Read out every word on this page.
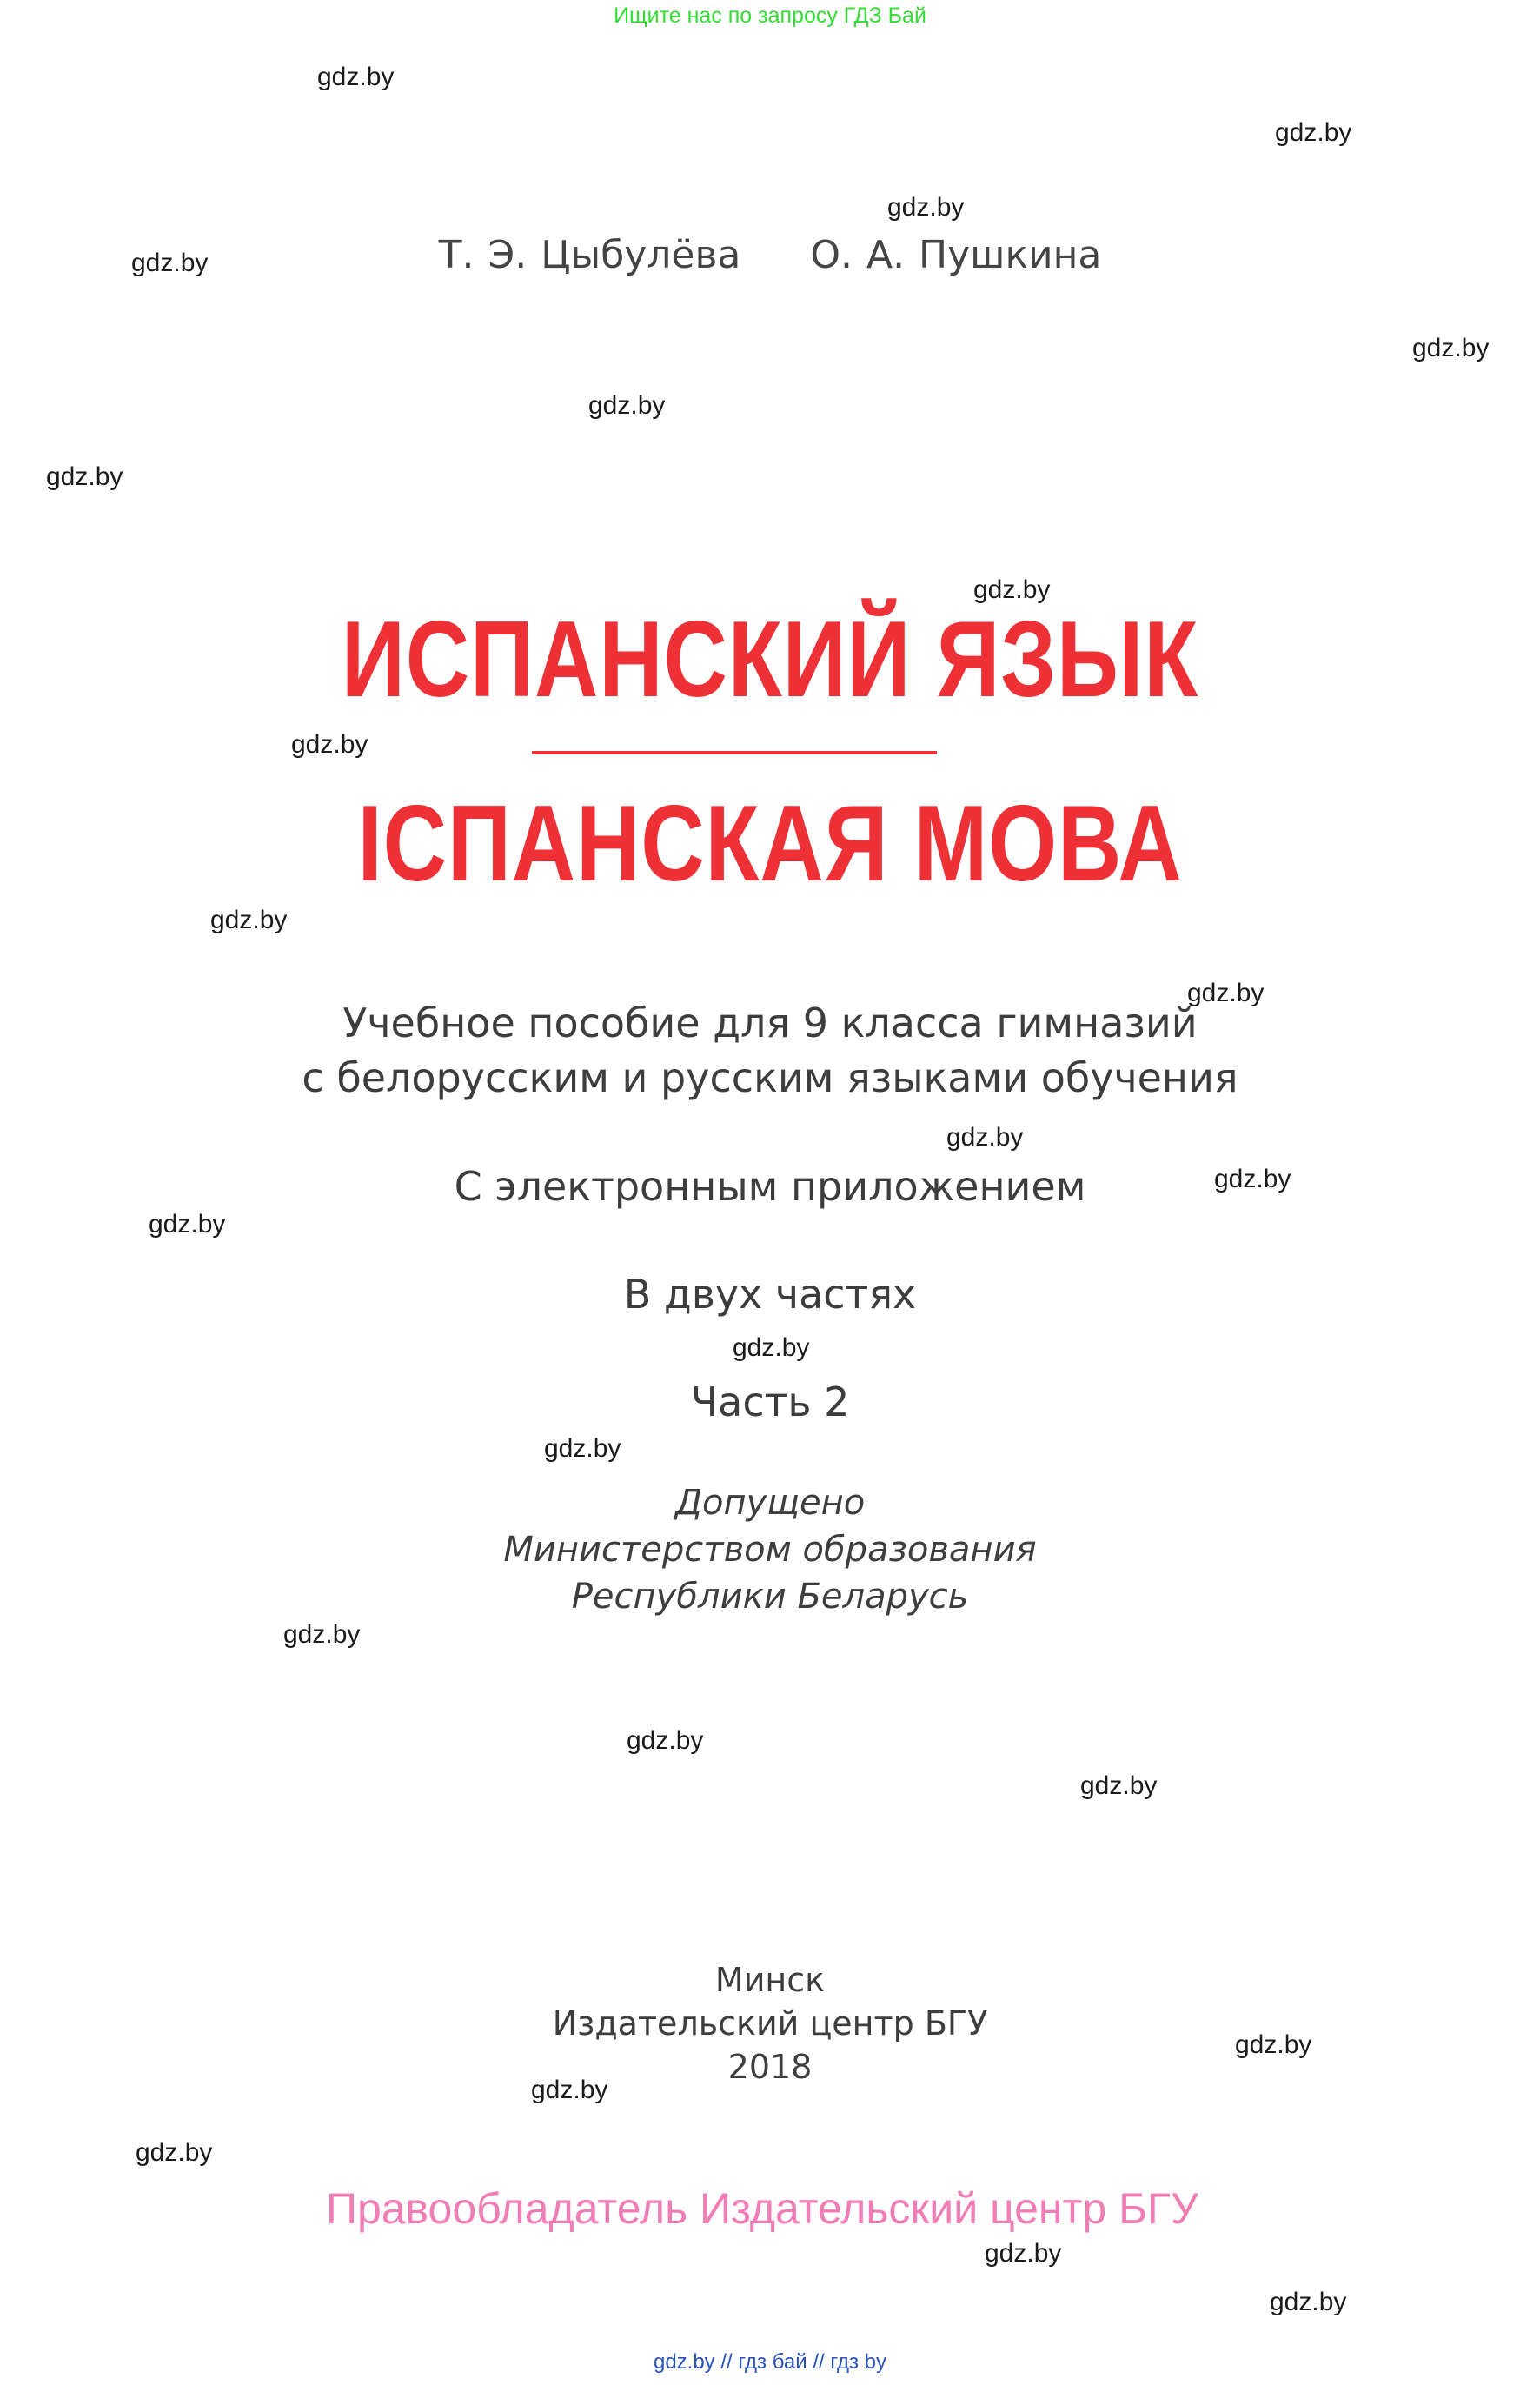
Ищите нас по запросу ГДЗ Бай
Т. Э. Цыбулёва О. А. Пушкина
ИСПАНСКИЙ ЯЗЫК
ІСПАНСКАЯ МОВА
Учебное пособие для 9 класса гимназий
с белорусским и русским языками обучения
С электронным приложением
В двух частях
Часть 2
Допущено
Министерством образования
Республики Беларусь
Минск
Издательский центр БГУ
2018
Правообладатель Издательский центр БГУ
gdz.by // гдз бай // гдз by
gdz.by
gdz.by
gdz.by
gdz.by
gdz.by
gdz.by
gdz.by
gdz.by
gdz.by
gdz.by
gdz.by
gdz.by
gdz.by
gdz.by
gdz.by
gdz.by
gdz.by
gdz.by
gdz.by
gdz.by
gdz.by
gdz.by
gdz.by
gdz.by
